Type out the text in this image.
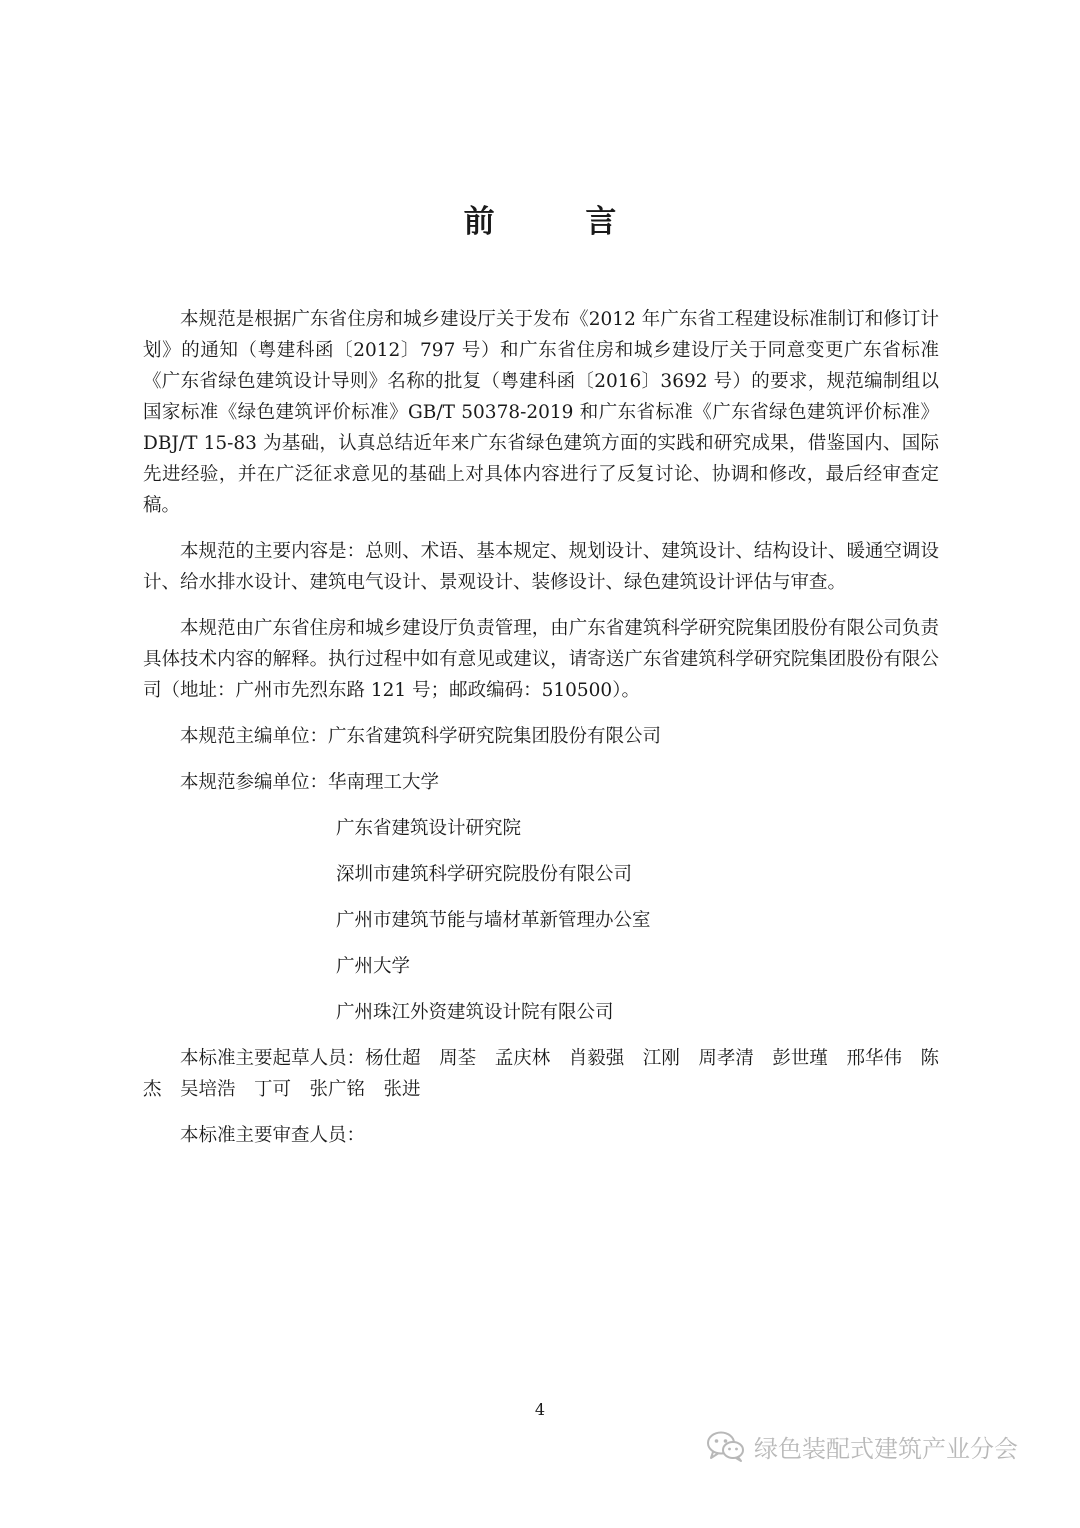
前 言

本规范是根据广东省住房和城乡建设厅关于发布《2012 年广东省工程建设标准制订和修订计划》的通知（粤建科函〔2012〕797 号）和广东省住房和城乡建设厅关于同意变更广东省标准《广东省绿色建筑设计导则》名称的批复（粤建科函〔2016〕3692 号）的要求，规范编制组以国家标准《绿色建筑评价标准》GB/T 50378-2019 和广东省标准《广东省绿色建筑评价标准》DBJ/T 15-83 为基础，认真总结近年来广东省绿色建筑方面的实践和研究成果，借鉴国内、国际先进经验，并在广泛征求意见的基础上对具体内容进行了反复讨论、协调和修改，最后经审查定稿。

本规范的主要内容是：总则、术语、基本规定、规划设计、建筑设计、结构设计、暖通空调设计、给水排水设计、建筑电气设计、景观设计、装修设计、绿色建筑设计评估与审查。

本规范由广东省住房和城乡建设厅负责管理，由广东省建筑科学研究院集团股份有限公司负责具体技术内容的解释。执行过程中如有意见或建议，请寄送广东省建筑科学研究院集团股份有限公司（地址：广州市先烈东路 121 号；邮政编码：510500）。

本规范主编单位：广东省建筑科学研究院集团股份有限公司
本规范参编单位：华南理工大学
广东省建筑设计研究院
深圳市建筑科学研究院股份有限公司
广州市建筑节能与墙材革新管理办公室
广州大学
广州珠江外资建筑设计院有限公司

本标准主要起草人员：杨仕超　周荃　孟庆林　肖毅强　江刚　周孝清　彭世瑾　邢华伟　陈杰　吴培浩　丁可　张广铭　张进

本标准主要审查人员：
4
绿色装配式建筑产业分会
